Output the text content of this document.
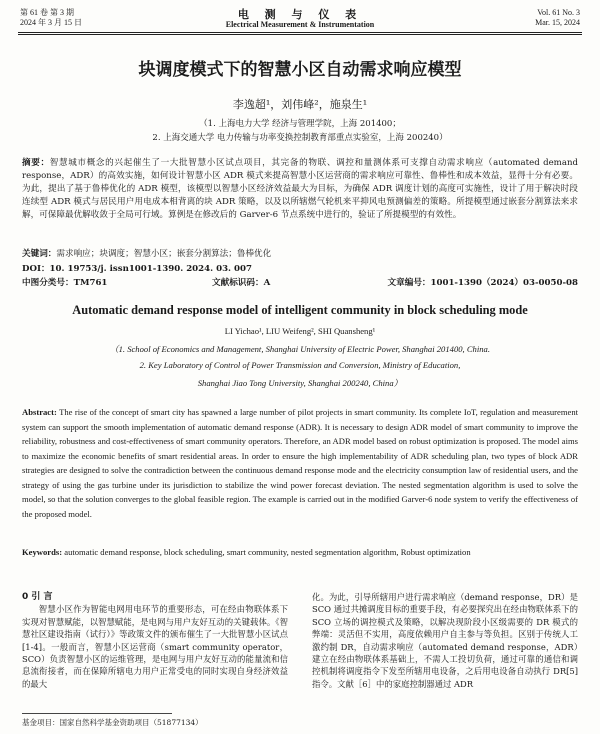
第 61 卷 第 3 期
2024 年 3 月 15 日
电 测 与 仪 表
Electrical Measurement & Instrumentation
Vol. 61 No. 3
Mar. 15, 2024
块调度模式下的智慧小区自动需求响应模型
李逸超¹，刘伟峰²，施泉生¹
（1. 上海电力大学 经济与管理学院，上海 201400；
2. 上海交通大学 电力传输与功率变换控制教育部重点实验室，上海 200240）
摘要：智慧城市概念的兴起催生了一大批智慧小区试点项目，其完备的物联、调控和量测体系可支撑自动需求响应（automated demand response，ADR）的高效实施，如何设计智慧小区 ADR 模式来提高智慧小区运营商的需求响应可靠性、鲁棒性和成本效益，显得十分有必要。为此，提出了基于鲁棒优化的 ADR 模型，该模型以智慧小区经济效益最大为目标，为确保 ADR 调度计划的高度可实施性，设计了用于解决时段连续型 ADR 模式与居民用户用电成本相背离的块 ADR 策略，以及以所辖燃气轮机来平抑风电预测偏差的策略。所提模型通过嵌套分割算法来求解，可保障最优解收敛于全局可行域。算例是在修改后的 Garver-6 节点系统中进行的，验证了所提模型的有效性。
关键词：需求响应；块调度；智慧小区；嵌套分割算法；鲁棒优化
DOI：10. 19753/j. issn1001-1390. 2024. 03. 007
中图分类号：TM761	文献标识码：A	文章编号：1001-1390（2024）03-0050-08
Automatic demand response model of intelligent community in block scheduling mode
LI Yichao¹, LIU Weifeng², SHI Quansheng¹
（1. School of Economics and Management, Shanghai University of Electric Power, Shanghai 201400, China.
2. Key Laboratory of Control of Power Transmission and Conversion, Ministry of Education,
Shanghai Jiao Tong University, Shanghai 200240, China）
Abstract: The rise of the concept of smart city has spawned a large number of pilot projects in smart community. Its complete IoT, regulation and measurement system can support the smooth implementation of automatic demand response (ADR). It is necessary to design ADR model of smart community to improve the reliability, robustness and cost-effectiveness of smart community operators. Therefore, an ADR model based on robust optimization is proposed. The model aims to maximize the economic benefits of smart residential areas. In order to ensure the high implementability of ADR scheduling plan, two types of block ADR strategies are designed to solve the contradiction between the continuous demand response mode and the electricity consumption law of residential users, and the strategy of using the gas turbine under its jurisdiction to stabilize the wind power forecast deviation. The nested segmentation algorithm is used to solve the model, so that the solution converges to the global feasible region. The example is carried out in the modified Garver-6 node system to verify the effectiveness of the proposed model.
Keywords: automatic demand response, block scheduling, smart community, nested segmentation algorithm, Robust optimization
0 引 言
智慧小区作为智能电网用电环节的重要形态，可在经由物联体系下实现对智慧赋能，以智慧赋能，是电网与用户友好互动的关键载体。《智慧社区建设指南（试行）》等政策文件的颁布催生了一大批智慧小区试点[1-4]。一般而言，智慧小区运营商（smart community operator，SCO）负责智慧小区的运维管理，是电网与用户友好互动的能量流和信息流衔接者，而在保障所辖电力用户正常受电的同时实现自身经济效益的最大
化。为此，引导所辖用户进行需求响应（demand response，DR）是 SCO 通过共摊调度目标的重要手段，有必要探究出在经由物联体系下的 SCO 立场的调控模式及策略，以解决现阶段小区级需要的 DR 模式的弊端：灵活但不实用，高度依赖用户自主参与等负担。区别于传统人工激约制 DR，自动需求响应（automated demand response，ADR）建立在经由物联体系基础上，不需人工投切负荷，通过可靠的通信和调控机制将调度指令下发至所辖用电设备，之后用电设备自动执行 DR[5]指令。文献［6］中的家庭控制器通过 ADR
基金项目：国家自然科学基金资助项目（51877134）
